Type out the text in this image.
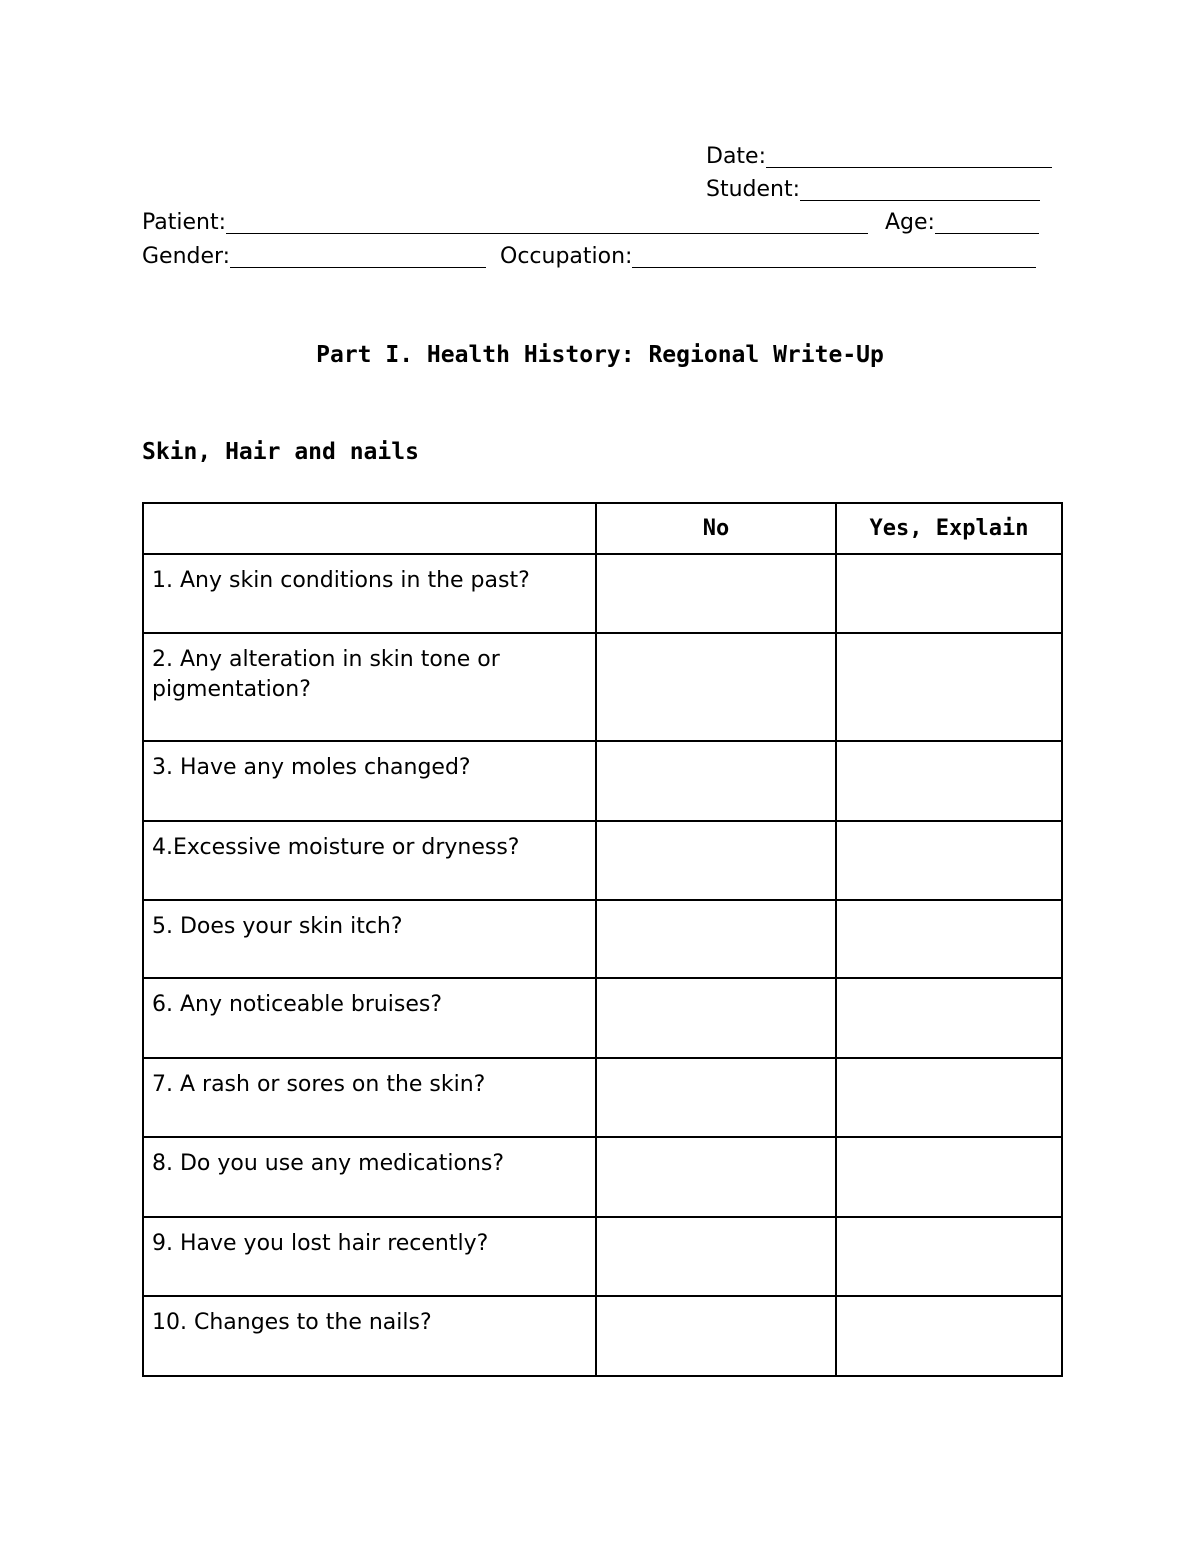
Date:
Student:
Patient:	Age:
Gender:	Occupation:
Part I. Health History: Regional Write-Up
Skin, Hair and nails
	No	Yes, Explain
1. Any skin conditions in the past?		
2. Any alteration in skin tone or pigmentation?		
3. Have any moles changed?		
4.Excessive moisture or dryness?		
5. Does your skin itch?		
6. Any noticeable bruises?		
7. A rash or sores on the skin?		
8. Do you use any medications?		
9. Have you lost hair recently?		
10. Changes to the nails?		
